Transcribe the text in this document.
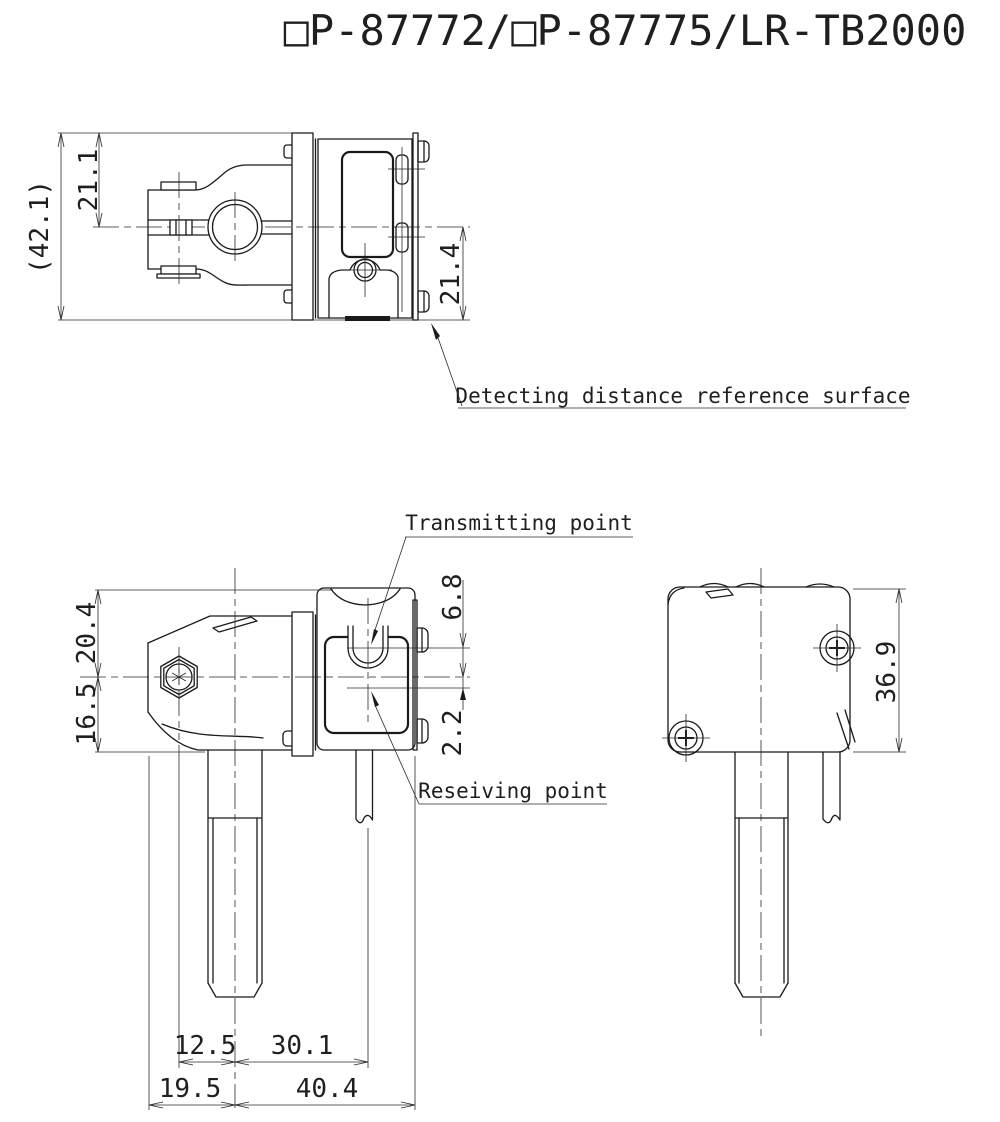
□P-87772/□P-87775/LR-TB2000
(42.1)
21.1
21.4
Detecting distance reference surface
20.4
16.5
6.8
2.2
Transmitting point
Reseiving point
12.5 30.1
19.5	40.4
36.9
